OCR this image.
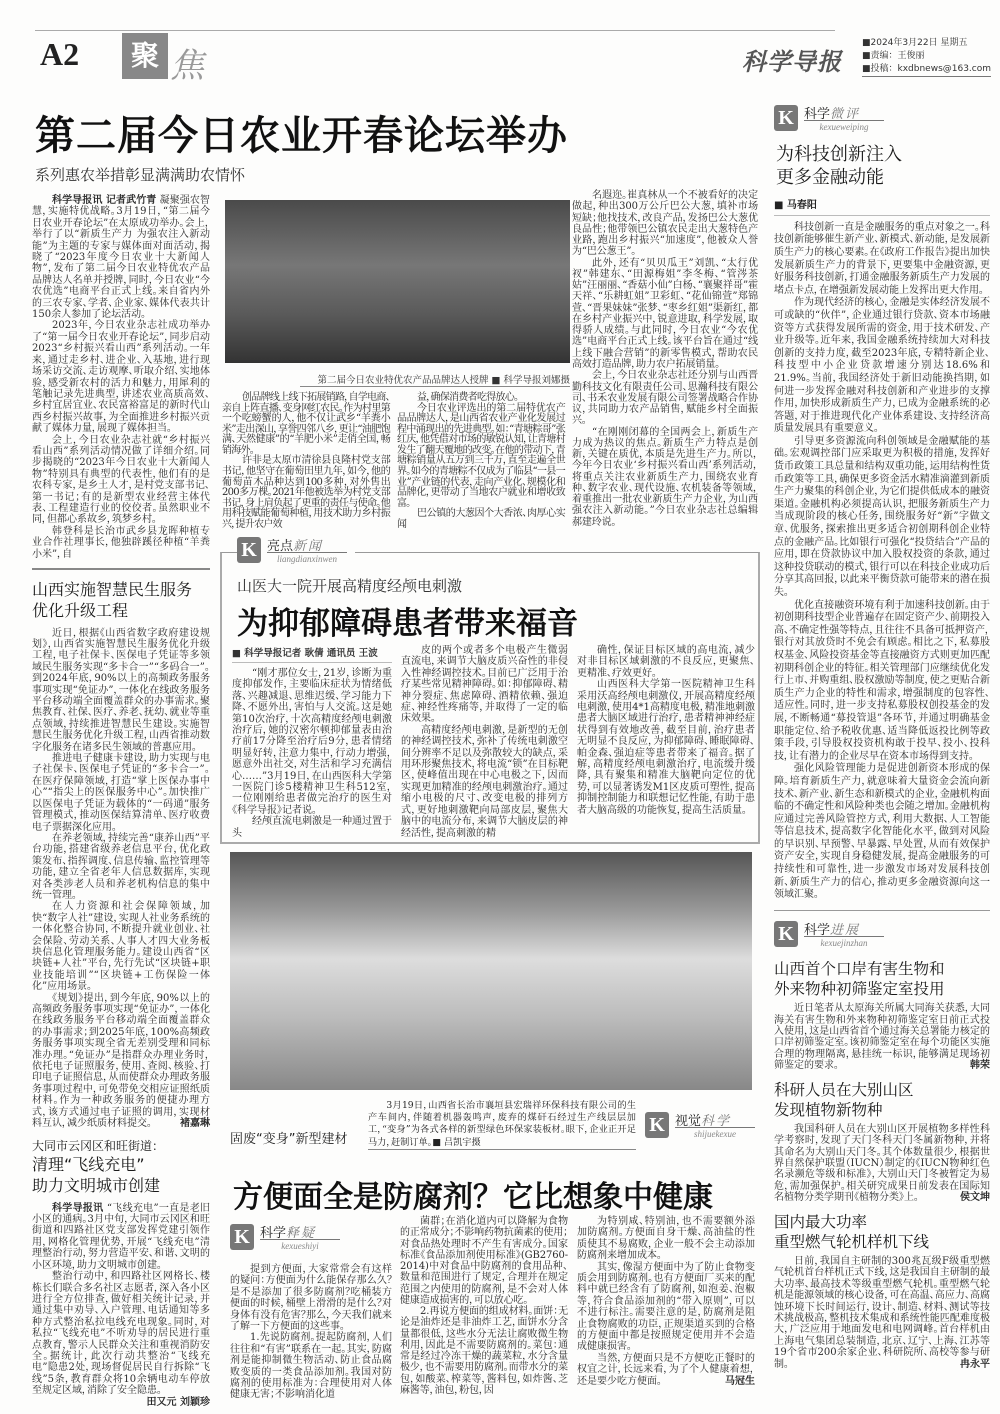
A2	聚 焦	科学导报
■2024年3月22日 星期五
■责编：王俊丽
■投稿：kxdbnews@163.com
第二届今日农业开春论坛举办
系列惠农举措彰显满满助农情怀

科学导报讯 记者武竹青 凝聚强农智慧，实施特优战略。3月19日，“第二届今日农业开春论坛”在太原成功举办。会上，举行了以“新质生产力 为强农注入新动能”为主题的专家与媒体面对面活动，揭晓了“2023年度今日农业十大新闻人物”，发布了第二届今日农业特优农产品品牌达人名单并授牌，同时，今日农业“今农优选”电商平台正式上线。来自省内外的三农专家、学者、企业家、媒体代表共计150余人参加了论坛活动。

2023年，今日农业杂志社成功举办了“第一届今日农业开春论坛”，同步启动2023“乡村振兴看山西”系列活动。一年来，通过走乡村、进企业、入基地，进行现场采访交流、走访观摩、听取介绍、实地体验，感受新农村的活力和魅力，用犀利的笔触记录先进典型，讲述农业高质高效、乡村宜居宜业、农民富裕富足的新时代山西乡村振兴故事，为全面推进乡村振兴贡献了媒体力量，展现了媒体担当。

会上，今日农业杂志社就“乡村振兴看山西”系列活动情况做了详细介绍。同步揭晓的“2023年今日农业十大新闻人物”特别具有典型的代表性，他们有的是农科专家，是乡土人才，是村党支部书记、第一书记；有的是新型农业经营主体代表、工程建造行业的佼佼者。虽然职业不同，但都心系故乡，筑梦乡村。

韩登科是长治市武乡县龙晖种植专业合作社理事长，他独辟蹊径种植“羊粪小米”，自

山西实施智慧民生服务
优化升级工程

近日，根据《山西省数字政府建设规划》，山西省实施智慧民生服务优化升级工程，电子社保卡、医保电子凭证等多领域民生服务实现“多卡合一”“多码合一”。到2024年底，90%以上的高频政务服务事项实现“免证办”，一体化在线政务服务平台移动端全面覆盖群众的办事需求。聚焦教育、社保、医疗、养老、抚幼、就业等重点领域，持续推进智慧民生建设。实施智慧民生服务优化升级工程，山西省推动数字化服务在诸多民生领域的普惠应用。

推进电子健康卡建设，助力实现与电子社保卡、医保电子凭证的“多卡合一”。在医疗保障领域，打造“掌上医保办事中心”“指尖上的医保服务中心”。加快推广以医保电子凭证为载体的“一码通”服务管理模式，推动医保结算清单、医疗收费电子票据深化应用。

在养老领域，持续完善“康养山西”平台功能，搭建省级养老信息平台，优化政策发布、指挥调度、信息传输、监控管理等功能，建立全省老年人信息数据库，实现对各类涉老人员和养老机构信息的集中统一管理。

在人力资源和社会保障领域，加快“数字人社”建设，实现人社业务系统的一体化整合协同，不断提升就业创业、社会保险、劳动关系、人事人才四大业务板块信息化管理服务能力。建设山西省“区块链+人社”平台，先行先试“区块链+职业技能培训”“区块链+工伤保险一体化”应用场景。

《规划》提出，到今年底，90%以上的高频政务服务事项实现“免证办”，一体化在线政务服务平台移动端全面覆盖群众的办事需求；到2025年底，100%高频政务服务事项实现全省无差别受理和同标准办理。“免证办”是指群众办理业务时，依托电子证照服务，使用、查阅、核验、打印电子证照信息，从而使群众办理政务服务事项过程中，可免带免交相应证照纸质材料。作为一种政务服务的便捷办理方式，该方式通过电子证照的调用，实现材料互认，减少纸质材料提交。	褚嘉琳

大同市云冈区和旺街道：
清理“飞线充电”
助力文明城市创建

科学导报讯 “飞线充电”一直是老旧小区的通病。3月中旬，大同市云冈区和旺街道和四路社区党支部发挥党建引领作用，网格化管理优势，开展“飞线充电”清理整治行动，努力营造平安、和谐、文明的小区环境，助力文明城市创建。

整治行动中，和四路社区网格长、楼栋长们联合多名社区志愿者，深入各小区进行全方位排查，做好相关统计记录，并通过集中劝导、入户管理、电话通知等多种方式整治私拉电线充电现象。同时，对私拉“飞线充电”不听劝导的居民进行重点教育，警示人民群众关注和重视消防安全。据统计，此次行动共整治“飞线充电”隐患2处，现场督促居民自行拆除“飞线”5条，教育群众将10余辆电动车停放至规定区域，消除了安全隐患。
田又元 刘颖珍

第二届今日农业特优农产品品牌达人授牌 ■ 科学导报刘娜摄

创品牌线上线下拓展销路，自学电商、亲自上阵直播、变身网红农民。作为村里第一个吃螃蟹的人，他不仅让武乡“羊粪小米”走出深山，享誉四邻八乡，更让“油肥饱满、天然健康”的“羊肥小米”走俏全国，畅销海外。

许非是太原市清徐县良隆村党支部书记，他坚守在葡萄田里九年，如今，他的葡萄苗木品种达到100多种，对外售出200多万棵。2021年他被选举为村党支部书记，身上肩负起了更重的责任与使命。他用科技赋能葡萄种植，用技术助力乡村振兴，提升农户效

益，确保消费者吃得放心。

今日农业评选出的第二届特优农产品品牌达人，是山西省农业产业化发展过程中涌现出的先进典型。如：“青塘粽哥”张红庆，他凭借对市场的敏锐认知，让青塘村发生了翻天覆地的改变。在他的带动下，青塘粽销量从五万到三千万，直至走遍全世界。如今的青塘粽不仅成为了临县“一县一业”产业链的代表，走向产业化、规模化和品牌化，更带动了当地农户就业和增收致富。

巴公镇的大葱因个大香浓、肉厚心实闻

名遐迩。崔真林从一个不被看好的决定做起，种出300万公斤巴公大葱，填补市场短缺；他找技术，改良产品，发扬巴公大葱优良品性；他带领巴公镇农民走出大葱特色产业路，跑出乡村振兴“加速度”，他被众人誉为“巴公葱王”。

此外，还有“贝贝瓜王”刘凯、“太行优衩”韩建东、“田源梅姐”李冬梅、“管涔茶姑”汪丽丽、“香菇小仙”白杨、“襄聚祥哥”霍天祥、“乐耕虹姐”卫彩虹、“花仙锦萱”郑锦萱、“晋果妹妹”张梦、“枣乡红姐”渠新红，都在乡村产业振兴中，锐意进取，科学发展，取得骄人成绩。与此同时，今日农业“今农优选”电商平台正式上线。该平台旨在通过“线上线下融合营销”的新零售模式，帮助农民高效打造品牌，助力农户拓展销量。

会上，今日农业杂志社还分别与山西晋勤科技文化有限责任公司、思瀚科技有限公司、书禾农业发展有限公司签署战略合作协议，共同助力农产品销售，赋能乡村全面振兴。

“在刚刚闭幕的全国两会上，新质生产力成为热议的焦点。新质生产力特点是创新，关键在质优，本质是先进生产力。所以，今年今日农业‘乡村振兴看山西’系列活动，将重点关注农业新质生产力，围绕农业育种、数字农业、现代设施、农机装备等领域，着重推出一批农业新质生产力企业，为山西强农注入新动能。”今日农业杂志社总编辑郝建玲说。

K 亮点新闻
liangdianxinwen
山医大一院开展高精度经颅电刺激
为抑郁障碍患者带来福音
■ 科学导报记者 耿倩 通讯员 王波

“刚才那位女士，21岁，诊断为重度抑郁发作，主要临床症状为情绪低落、兴趣减退、思维迟缓、学习能力下降、不愿外出，害怕与人交流。这是她第10次治疗，十次高精度经颅电刺激治疗后，她的汉密尔顿抑郁量表由治疗前17分降至治疗后9分，患者情绪明显好转，注意力集中，行动力增强，愿意外出社交，对生活和学习充满信心……”3月19日，在山西医科大学第一医院门诊5楼精神卫生科512室，一位刚刚给患者做完治疗的医生对《科学导报》记者说。

经颅直流电刺激是一种通过置于头

皮的两个或者多个电极产生微弱直流电，来调节大脑皮质兴奋性的非侵入性神经调控技术。目前已广泛用于治疗某些常见精神障碍。如：抑郁障碍、精神分裂症、焦虑障碍、酒精依赖、强迫症、神经性疼痛等，并取得了一定的临床效果。

高精度经颅电刺激，是新型的无创的神经调控技术，弥补了传统电刺激空间分辨率不足以及弥散较大的缺点，采用环形聚焦技术，将电流“锁”在目标靶区，使峰值出现在中心电极之下，因而实现更加精准的经颅电刺激治疗。通过缩小电极的尺寸、改变电极的排列方式，更好地刺激靶向局部皮层，聚焦大脑中的电流分布，来调节大脑皮层的神经活性，提高刺激的精

确性，保证目标区域的高电流，减少对非目标区域刺激的不良反应，更聚焦、更精准、疗效更好。

山西医科大学第一医院精神卫生科采用沃高经颅电刺激仪，开展高精度经颅电刺激，使用4*1高精度电极，精准地刺激患者大脑区域进行治疗，患者精神神经症状得到有效地改善，截至目前，治疗患者无明显不良反应，为抑郁障碍、睡眠障碍、帕金森、强迫症等患者带来了福音。据了解，高精度经颅电刺激治疗，电流缓升缓降，具有聚集和精准大脑靶向定位的优势，可以显著诱发M1区皮质可塑性，提高抑制控制能力和联想记忆性能，有助于患者大脑高级的功能恢复，提高生活质量。

固废“变身”新型建材
3月19日，山西省长治市襄垣县宏瑞祥环保科技有限公司的生产车间内，伴随着机器轰鸣声，废弃的煤矸石经过生产线层层加工，“变身”为各式各样的新型绿色环保家装板材。眼下，企业正开足马力，赶制订单。■ 吕凯宇摄
K 视觉科学
shijuekexue
方便面全是防腐剂？它比想象中健康
K 科学释疑
kexueshiyi

提到方便面，大家常常会有这样的疑问：方便面为什么能保存那么久？是不是添加了很多防腐剂？吃桶装方便面的时候，桶壁上滑滑的是什么？对身体有没有危害？那么，今天我们就来了解一下方便面的这些事。

1.先说防腐剂。提起防腐剂，人们往往和“有害”联系在一起。其实，防腐剂是能抑制微生物活动、防止食品腐败变质的一类食品添加剂。我国对防腐剂的使用标准为：合理使用对人体健康无害；不影响消化道

菌群；在消化道内可以降解为食物的正常成分；不影响药物抗菌素的使用；对食品热处理时不产生有害成分。国家标准《食品添加剂使用标准》(GB2760-2014)中对食品中防腐剂的食用品种、数量和范围进行了规定，合理并在规定范围之内使用的防腐剂，是不会对人体健康造成损害的，可以放心吃。

2.再说方便面的组成材料。面饼：无论是油炸还是非油炸工艺，面饼水分含量都很低，这些水分无法让腐败微生物利用，因此是不需要防腐剂的。菜包：通常是经过冷冻干燥的蔬菜粒，水分含量极少，也不需要用防腐剂。而带水分的菜包，如酸菜、榨菜等，酱料包，如炸酱、芝麻酱等，油包，粉包，因

为特别咸、特别油，也不需要额外添加防腐剂。方便面自身干燥、高油盐的性质使其不易腐败，企业一般不会主动添加防腐剂来增加成本。

其实，像湿方便面中为了防止食物变质会用到防腐剂。也有方便面厂买来的配料中就已经含有了防腐剂，如泡姜、泡椒等，符合食品添加剂的“带入原则”，可以不进行标注。需要注意的是，防腐剂是阻止食物腐败的功臣，正规渠道买到的合格的方便面中都是按照规定使用并不会造成健康损害。

当然，方便面只是不方便吃正餐时的权宜之计，长远来看，为了个人健康着想，还是要少吃方便面。	马冠生

K 科学微评
kexueweiping
为科技创新注入
更多金融动能
■ 马春阳

科技创新一直是金融服务的重点对象之一。科技创新能够催生新产业、新模式、新动能，是发展新质生产力的核心要素。在《政府工作报告》提出加快发展新质生产力的背景下，更要集中金融资源，更好服务科技创新，打通金融服务新质生产力发展的堵点卡点，在增强新发展动能上发挥出更大作用。

作为现代经济的核心，金融是实体经济发展不可或缺的“伙伴”，企业通过银行贷款、资本市场融资等方式获得发展所需的资金，用于技术研发、产业升级等。近年来，我国金融系统持续加大对科技创新的支持力度，截至2023年底，专精特新企业、科技型中小企业贷款增速分别达18.6%和21.9%。当前，我国经济处于新旧动能换挡期，如何进一步发挥金融对科技创新和产业进步的支撑作用，加快形成新质生产力，已成为金融系统的必答题，对于推进现代化产业体系建设、支持经济高质量发展具有重要意义。

引导更多资源流向科创领域是金融赋能的基础。宏观调控部门应采取更为积极的措施，发挥好货币政策工具总量和结构双重功能，运用结构性货币政策等工具，确保更多资金活水精准滴灌到新质生产力聚集的科创企业，为它们提供低成本的融资渠道。金融机构必须提高认识，把服务新质生产力当成现阶段的核心任务，围绕服务好“新”字做文章、优服务，探索推出更多适合初创期科创企业特点的金融产品。比如银行可强化“投贷结合”产品的应用，即在贷款协议中加入股权投资的条款，通过这种投贷联动的模式，银行可以在科技企业成功后分享其高回报，以此来平衡贷款可能带来的潜在损失。

优化直接融资环境有利于加速科技创新。由于初创期科技型企业普遍存在固定资产少、前期投入高、不确定性强等特点，且往往不具备可抵押资产，银行对其放贷时不免会有顾虑。相比之下，私募股权基金、风险投资基金等直接融资方式则更加匹配初期科创企业的特征。相关管理部门应继续优化发行上市、并购重组、股权激励等制度，使之更贴合新质生产力企业的特性和需求，增强制度的包容性、适应性。同时，进一步支持私募股权创投基金的发展，不断畅通“募投管退”各环节，并通过明确基金职能定位、给予税收优惠、适当降低返投比例等政策手段，引导股权投资机构敢于投早、投小、投科技，让有潜力的企业尽早在资本市场得到支持。

强化风险管理能力是促进创新资本形成的保障。培育新质生产力，就意味着大量资金会流向新技术、新产业、新生态和新模式的企业，金融机构面临的不确定性和风险种类也会随之增加。金融机构应通过完善风险管控方式，利用大数据、人工智能等信息技术，提高数字化智能化水平，做到对风险的早识别、早预警、早暴露、早处置，从而有效保护资产安全，实现自身稳健发展，提高金融服务的可持续性和可靠性，进一步激发市场对发展科技创新、新质生产力的信心，推动更多金融资源向这一领域汇聚。

K 科学进展
kexuejinzhan
山西首个口岸有害生物和
外来物种初筛鉴定室投用

近日笔者从太原海关所属大同海关获悉，大同海关有害生物和外来物种初筛鉴定室日前正式投入使用，这是山西省首个通过海关总署能力核定的口岸初筛鉴定室。该初筛鉴定室在每个功能区实施合理的物理隔离，悬挂统一标识，能够满足现场初筛鉴定的要求。	韩荣

科研人员在大别山区
发现植物新物种

我国科研人员在大别山区开展植物多样性科学考察时，发现了天门冬科天门冬属新物种，并将其命名为大别山天门冬。其个体数量很少，根据世界自然保护联盟（IUCN）制定的《IUCN物种红色名录濒危等级和标准》，大别山天门冬被暂定为易危，需加强保护。相关研究成果日前发表在国际知名植物分类学期刊《植物分类》上。	侯文坤

国内最大功率
重型燃气轮机样机下线

日前，我国自主研制的300兆瓦级F级重型燃气轮机首台样机正式下线，这是我国自主研制的最大功率、最高技术等级重型燃气轮机。重型燃气轮机是能源领域的核心设备，可在高温、高应力、高腐蚀环境下长时间运行，设计、制造、材料、测试等技术挑战极高，整机技术集成和系统性能匹配难度极大，广泛应用于地面发电和电网调峰。首台样机由上海电气集团总装制造，北京、辽宁、上海、江苏等19个省市200余家企业、科研院所、高校等参与研制。	冉永平
